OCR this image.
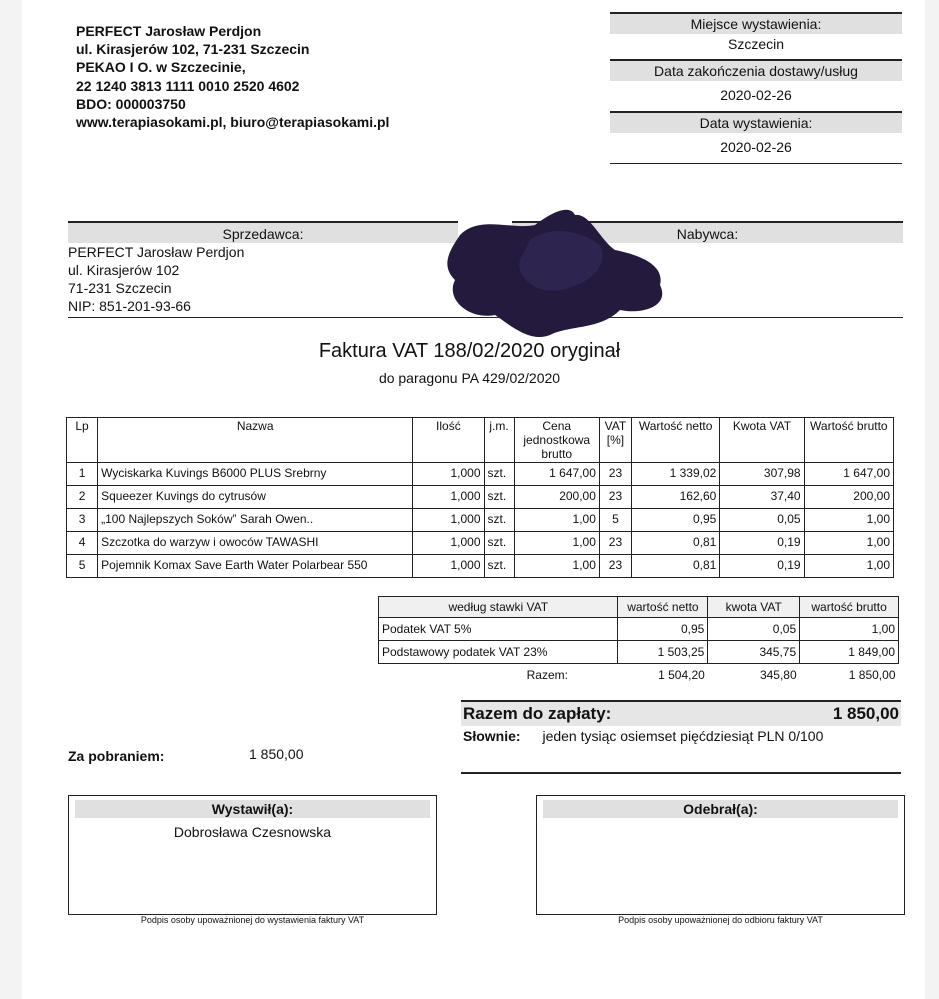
PERFECT Jarosław Perdjon
ul. Kirasjerów 102, 71-231 Szczecin
PEKAO I O. w Szczecinie,
22 1240 3813 1111 0010 2520 4602
BDO: 000003750
www.terapiasokami.pl, biuro@terapiasokami.pl
Miejsce wystawienia:
Szczecin
Data zakończenia dostawy/usług
2020-02-26
Data wystawienia:
2020-02-26
Sprzedawca:	Nabywca:
PERFECT Jarosław Perdjon
ul. Kirasjerów 102
71-231 Szczecin
NIP: 851-201-93-66
Faktura VAT 188/02/2020 oryginał
do paragonu PA 429/02/2020
Lp	Nazwa	Ilość	j.m.	Cena jednostkowa brutto	VAT [%]	Wartość netto	Kwota VAT	Wartość brutto
1	Wyciskarka Kuvings B6000 PLUS Srebrny	1,000	szt.	1 647,00	23	1 339,02	307,98	1 647,00
2	Squeezer Kuvings do cytrusów	1,000	szt.	200,00	23	162,60	37,40	200,00
3	„100 Najlepszych Soków” Sarah Owen..	1,000	szt.	1,00	5	0,95	0,05	1,00
4	Szczotka do warzyw i owoców TAWASHI	1,000	szt.	1,00	23	0,81	0,19	1,00
5	Pojemnik Komax Save Earth Water Polarbear 550	1,000	szt.	1,00	23	0,81	0,19	1,00
według stawki VAT	wartość netto	kwota VAT	wartość brutto
Podatek VAT 5%	0,95	0,05	1,00
Podstawowy podatek VAT 23%	1 503,25	345,75	1 849,00
Razem:	1 504,20	345,80	1 850,00
Razem do zapłaty:	1 850,00
Słownie: jeden tysiąc osiemset pięćdziesiąt PLN 0/100
Za pobraniem:	1 850,00
Wystawił(a):
Dobrosława Czesnowska
Podpis osoby upoważnionej do wystawienia faktury VAT
Odebrał(a):
Podpis osoby upoważnionej do odbioru faktury VAT
